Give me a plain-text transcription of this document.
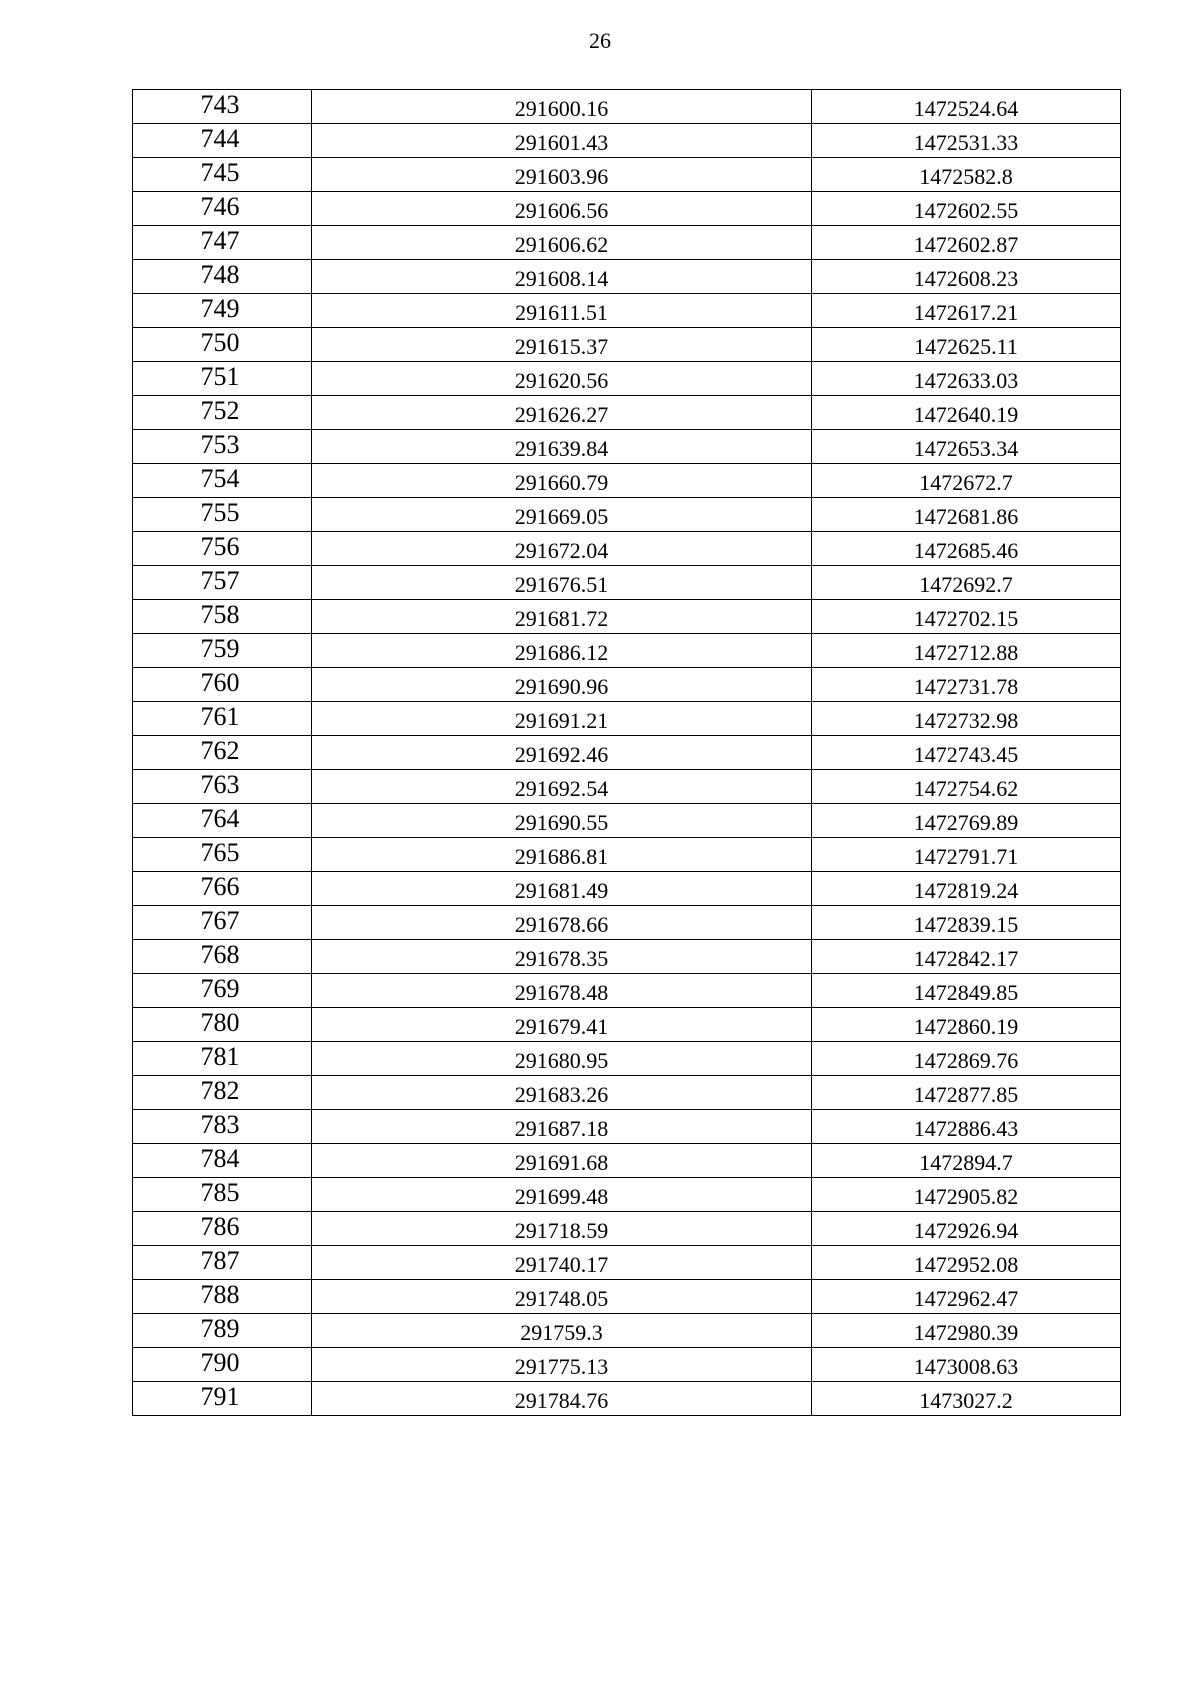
26
743	291600.16	1472524.64
744	291601.43	1472531.33
745	291603.96	1472582.8
746	291606.56	1472602.55
747	291606.62	1472602.87
748	291608.14	1472608.23
749	291611.51	1472617.21
750	291615.37	1472625.11
751	291620.56	1472633.03
752	291626.27	1472640.19
753	291639.84	1472653.34
754	291660.79	1472672.7
755	291669.05	1472681.86
756	291672.04	1472685.46
757	291676.51	1472692.7
758	291681.72	1472702.15
759	291686.12	1472712.88
760	291690.96	1472731.78
761	291691.21	1472732.98
762	291692.46	1472743.45
763	291692.54	1472754.62
764	291690.55	1472769.89
765	291686.81	1472791.71
766	291681.49	1472819.24
767	291678.66	1472839.15
768	291678.35	1472842.17
769	291678.48	1472849.85
780	291679.41	1472860.19
781	291680.95	1472869.76
782	291683.26	1472877.85
783	291687.18	1472886.43
784	291691.68	1472894.7
785	291699.48	1472905.82
786	291718.59	1472926.94
787	291740.17	1472952.08
788	291748.05	1472962.47
789	291759.3	1472980.39
790	291775.13	1473008.63
791	291784.76	1473027.2
